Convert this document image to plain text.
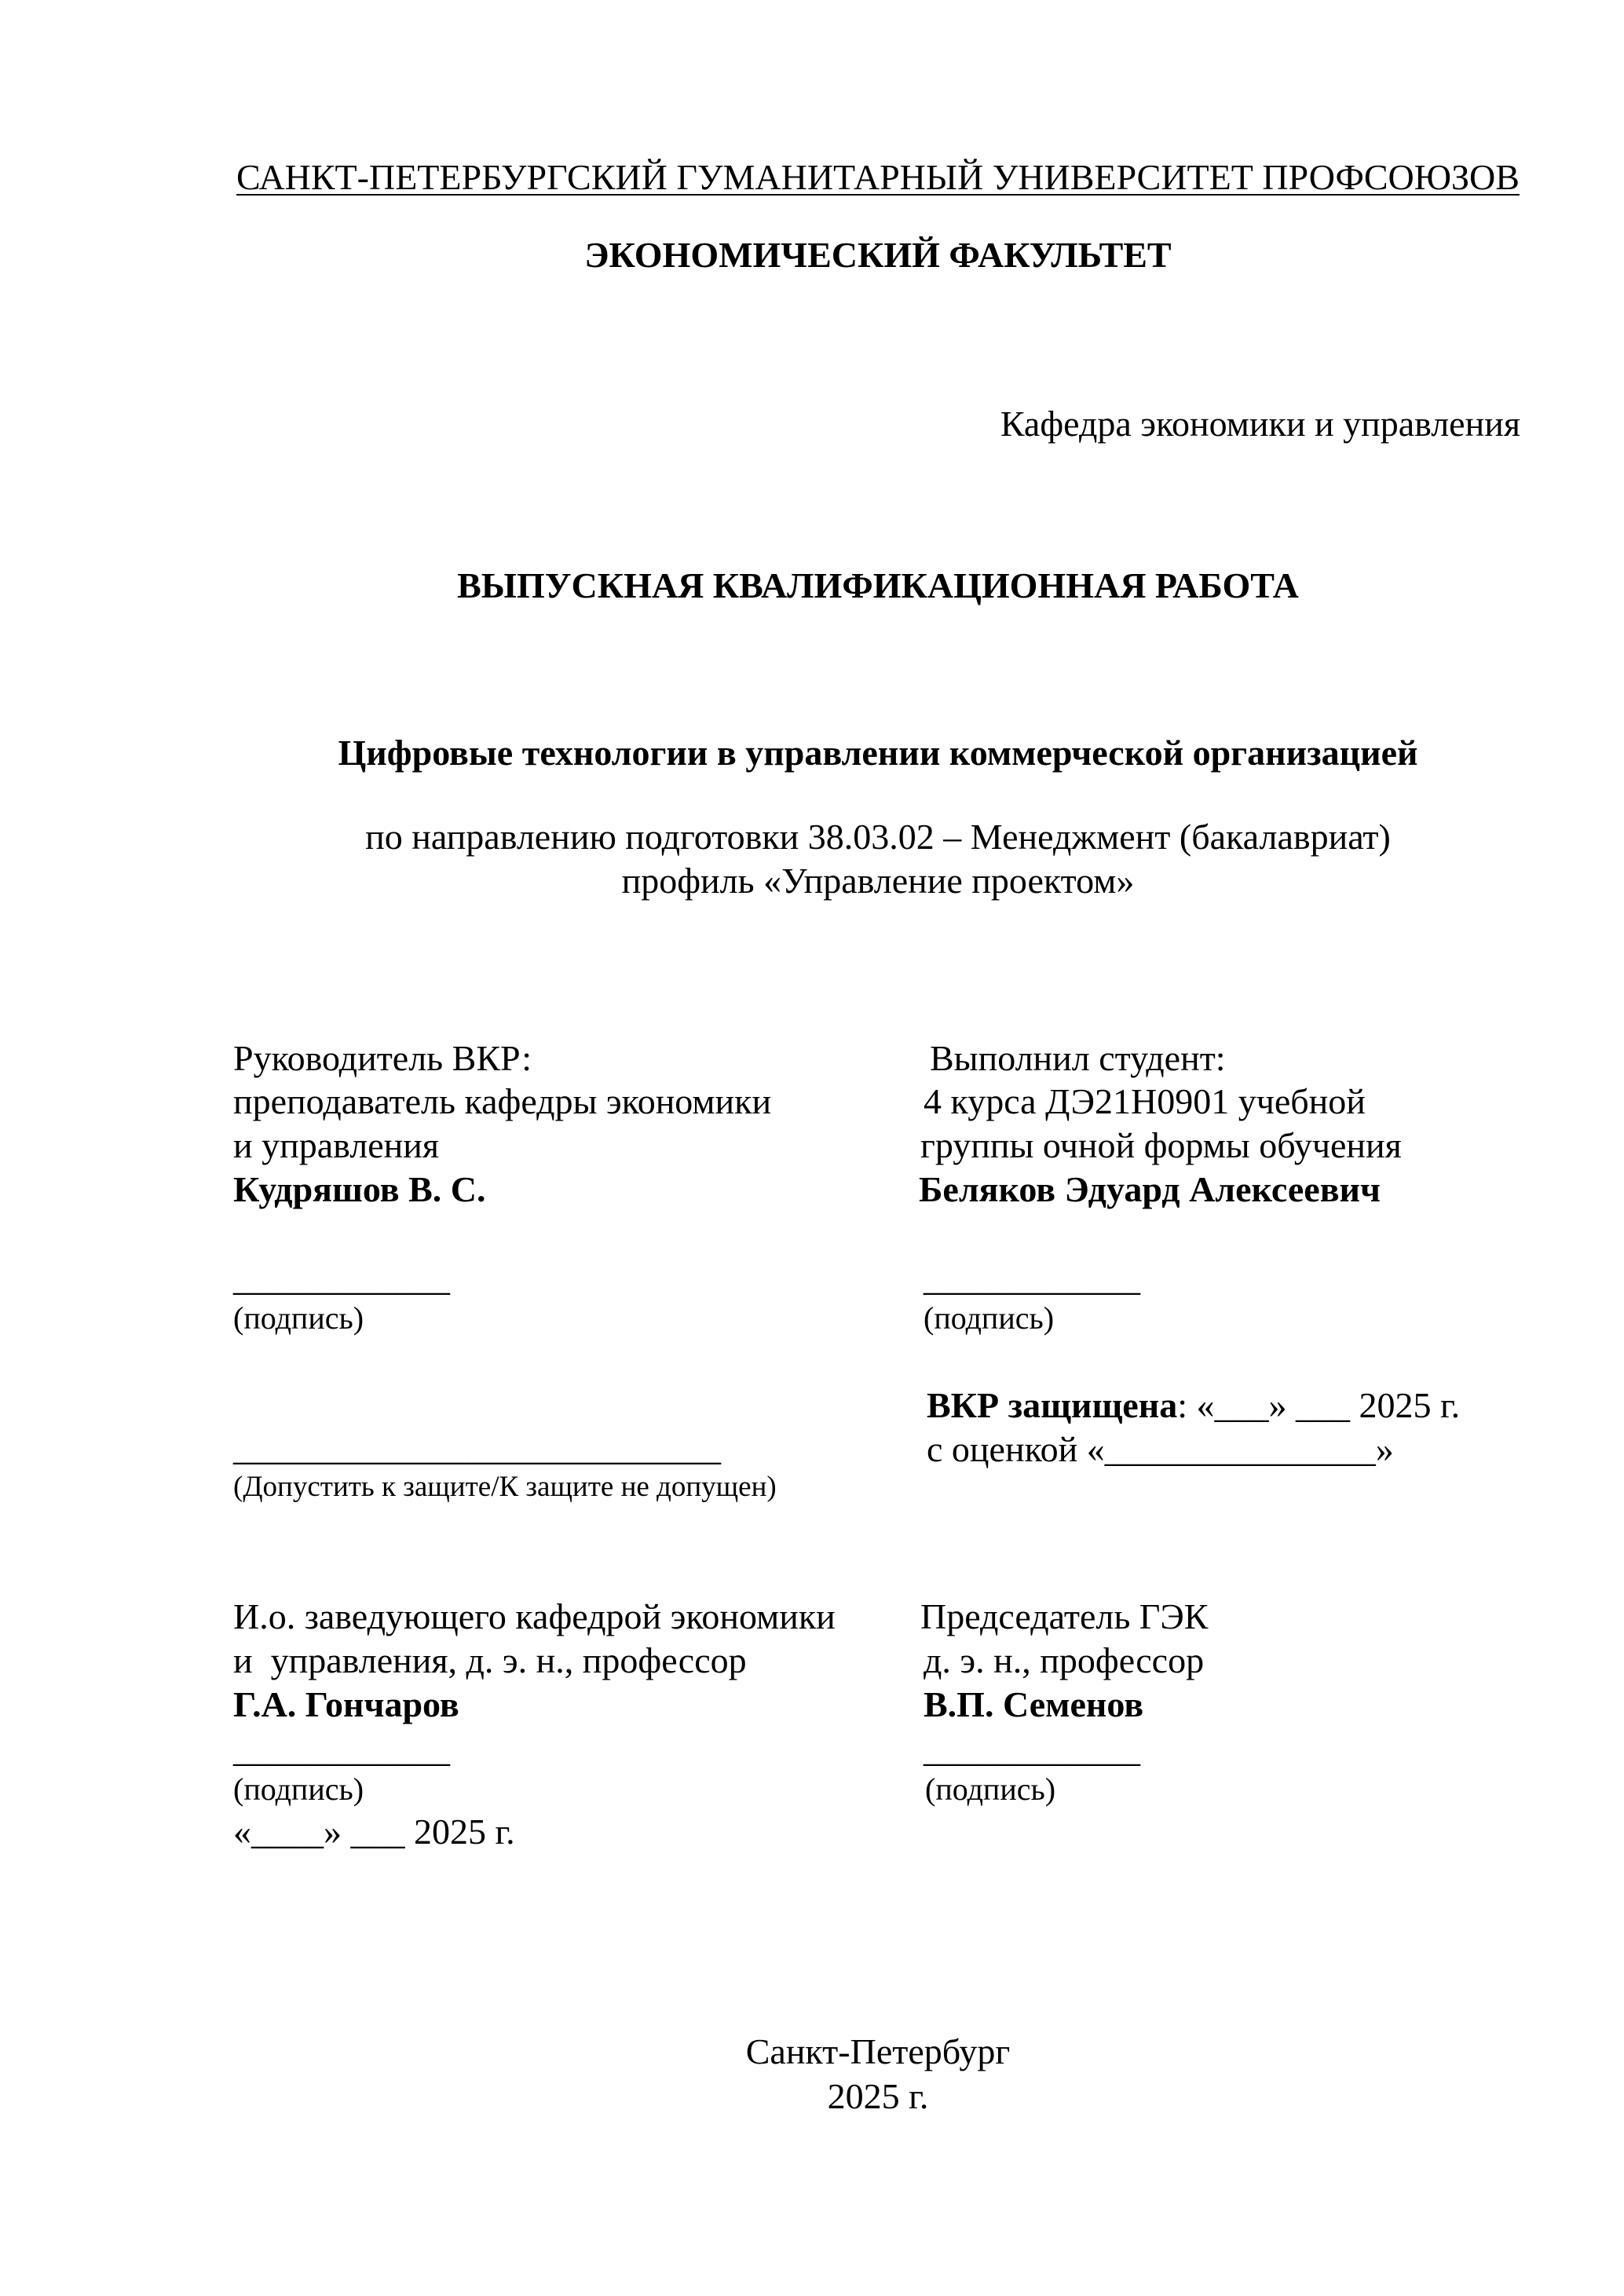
САНКТ-ПЕТЕРБУРГСКИЙ ГУМАНИТАРНЫЙ УНИВЕРСИТЕТ ПРОФСОЮЗОВ
ЭКОНОМИЧЕСКИЙ ФАКУЛЬТЕТ
Кафедра экономики и управления
ВЫПУСКНАЯ КВАЛИФИКАЦИОННАЯ РАБОТА
Цифровые технологии в управлении коммерческой организацией
по направлению подготовки 38.03.02 – Менеджмент (бакалавриат)
профиль «Управление проектом»
Руководитель ВКР:
преподаватель кафедры экономики
и управления
Кудряшов В. С.
____________
(подпись)
Выполнил студент:
4 курса ДЭ21Н0901 учебной
группы очной формы обучения
Беляков Эдуард Алексеевич
____________
(подпись)
___________________________
(Допустить к защите/К защите не допущен)
ВКР защищена: «___» ___ 2025 г.
с оценкой «_______________»
И.о. заведующего кафедрой экономики
и  управления, д. э. н., профессор
Г.А. Гончаров
____________
(подпись)
«____» ___ 2025 г.
Председатель ГЭК
д. э. н., профессор
В.П. Семенов
____________
(подпись)
Санкт-Петербург
2025 г.
